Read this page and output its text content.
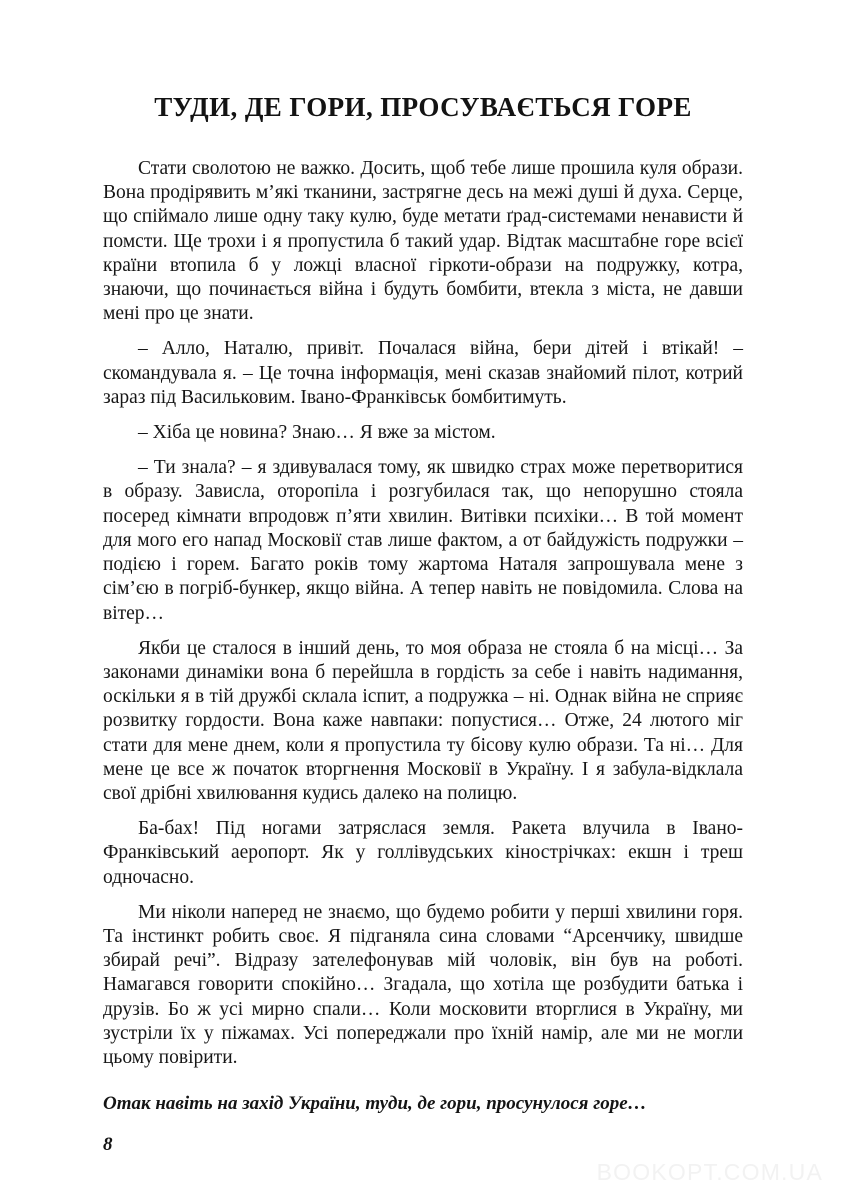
ТУДИ, ДЕ ГОРИ, ПРОСУВАЄТЬСЯ ГОРЕ

Стати сволотою не важко. Досить, щоб тебе лише прошила куля образи. Вона продірявить м’які тканини, застрягне десь на межі душі й духа. Серце, що спіймало лише одну таку кулю, буде метати ґрад-системами ненависти й помсти. Ще трохи і я пропустила б такий удар. Відтак масштабне горе всієї країни втопила б у ложці власної гіркоти-образи на подружку, котра, знаючи, що починається війна і будуть бомбити, втекла з міста, не давши мені про це знати.

– Алло, Наталю, привіт. Почалася війна, бери дітей і втікай! – скомандувала я. – Це точна інформація, мені сказав знайомий пілот, котрий зараз під Васильковим. Івано-Франківськ бомбитимуть.

– Хіба це новина? Знаю… Я вже за містом.

– Ти знала? – я здивувалася тому, як швидко страх може перетворитися в образу. Зависла, оторопіла і розгубилася так, що непорушно стояла посеред кімнати впродовж п’яти хвилин. Витівки психіки… В той момент для мого его напад Московії став лише фактом, а от байдужість подружки – подією і горем. Багато років тому жартома Наталя запрошувала мене з сім’єю в погріб-бункер, якщо війна. А тепер навіть не повідомила. Слова на вітер…

Якби це сталося в інший день, то моя образа не стояла б на місці… За законами динаміки вона б перейшла в гордість за себе і навіть надимання, оскільки я в тій дружбі склала іспит, а подружка – ні. Однак війна не сприяє розвитку гордости. Вона каже навпаки: попустися… Отже, 24 лютого міг стати для мене днем, коли я пропустила ту бісову кулю образи. Та ні… Для мене це все ж початок вторгнення Московії в Україну. І я забула-відклала свої дрібні хвилювання кудись далеко на полицю.

Ба-бах! Під ногами затряслася земля. Ракета влучила в Івано-Франківський аеропорт. Як у голлівудських кінострічках: екшн і треш одночасно.

Ми ніколи наперед не знаємо, що будемо робити у перші хвилини горя. Та інстинкт робить своє. Я підганяла сина словами “Арсенчику, швидше збирай речі”. Відразу зателефонував мій чоловік, він був на роботі. Намагався говорити спокійно… Згадала, що хотіла ще розбудити батька і друзів. Бо ж усі мирно спали… Коли московити вторглися в Україну, ми зустріли їх у піжамах. Усі попереджали про їхній намір, але ми не могли цьому повірити.

Отак навіть на захід України, туди, де гори, просунулося горе…

8
BOOKOPT.COM.UA
